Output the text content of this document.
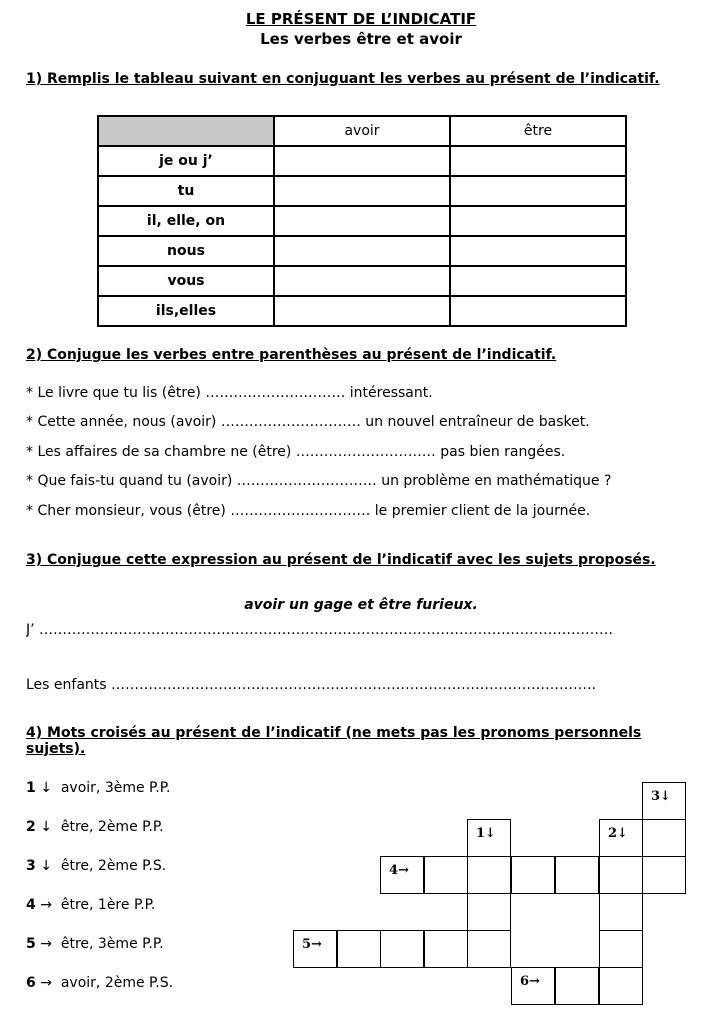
LE PRÉSENT DE L’INDICATIF
Les verbes être et avoir
1) Remplis le tableau suivant en conjuguant les verbes au présent de l’indicatif.
	avoir	être
je ou j’		
tu		
il, elle, on		
nous		
vous		
ils,elles		
2) Conjugue les verbes entre parenthèses au présent de l’indicatif.
* Le livre que tu lis (être) ………………………… intéressant.
* Cette année, nous (avoir) ………………………… un nouvel entraîneur de basket.
* Les affaires de sa chambre ne (être) ………………………… pas bien rangées.
* Que fais-tu quand tu (avoir) ………………………… un problème en mathématique ?
* Cher monsieur, vous (être) ………………………… le premier client de la journée.
3) Conjugue cette expression au présent de l’indicatif avec les sujets proposés.
avoir un gage et être furieux.
J’ ……………………………………………………………………………………………………………
Les enfants …………………………………………………………………………………………..
4) Mots croisés au présent de l’indicatif (ne mets pas les pronoms personnels
sujets).
1 ↓ avoir, 3ème P.P.
2 ↓ être, 2ème P.P.
3 ↓ être, 2ème P.S.
4 → être, 1ère P.P.
5 → être, 3ème P.P.
6 → avoir, 2ème P.S.
3↓
1↓	2↓
4→
5→
6→
